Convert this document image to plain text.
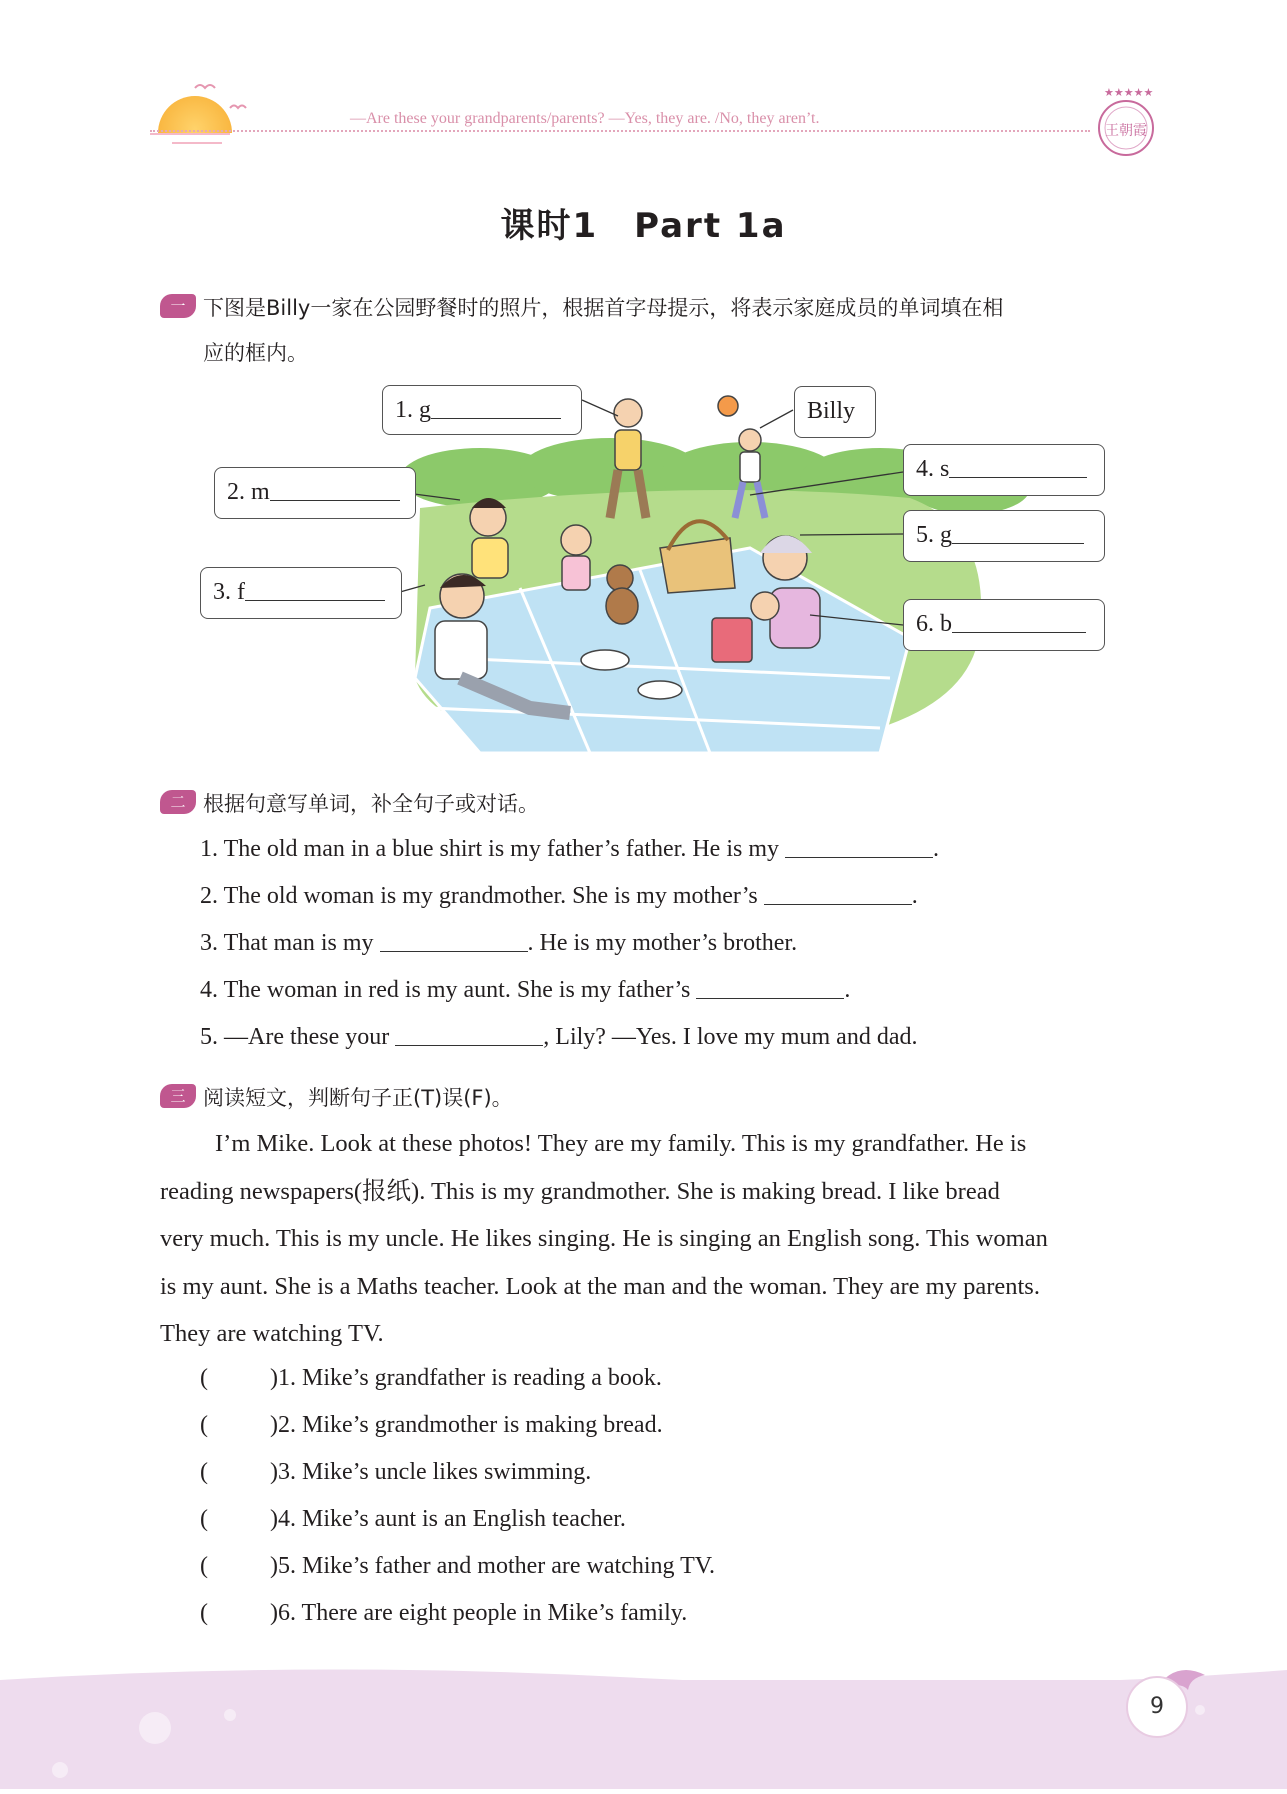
—Are these your grandparents/parents? —Yes, they are. /No, they aren’t.
★★★★★
王朝霞
课时1　Part 1a
一 下图是Billy一家在公园野餐时的照片，根据首字母提示，将表示家庭成员的单词填在相
应的框内。
1. g	Billy
2. m
3. f
4. s
5. g
6. b
二 根据句意写单词，补全句子或对话。
1. The old man in a blue shirt is my father’s father. He is my	.
2. The old woman is my grandmother. She is my mother’s	.
3. That man is my	. He is my mother’s brother.
4. The woman in red is my aunt. She is my father’s	.
5. —Are these your	, Lily? —Yes. I love my mum and dad.
三 阅读短文，判断句子正(T)误(F)。
I’m Mike. Look at these photos! They are my family. This is my grandfather. He is
reading newspapers(报纸). This is my grandmother. She is making bread. I like bread
very much. This is my uncle. He likes singing. He is singing an English song. This woman
is my aunt. She is a Maths teacher. Look at the man and the woman. They are my parents.
They are watching TV.
(	)1. Mike’s grandfather is reading a book.
(	)2. Mike’s grandmother is making bread.
(	)3. Mike’s uncle likes swimming.
(	)4. Mike’s aunt is an English teacher.
(	)5. Mike’s father and mother are watching TV.
(	)6. There are eight people in Mike’s family.
9
